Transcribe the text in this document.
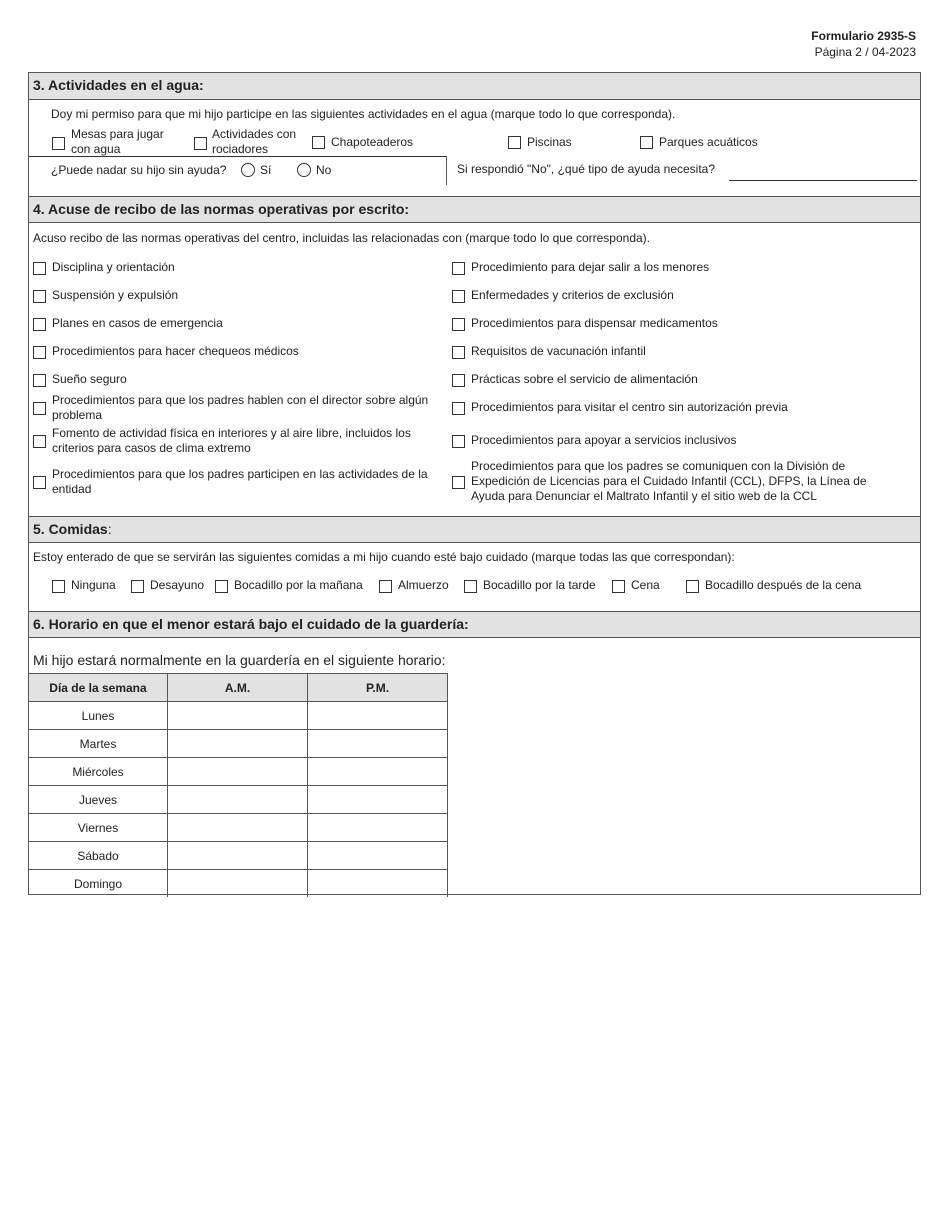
Formulario 2935-S
Página 2 / 04-2023
3. Actividades en el agua:
Doy mi permiso para que mi hijo participe en las siguientes actividades en el agua (marque todo lo que corresponda).
Mesas para jugar
con agua
Actividades con
rociadores	Chapoteaderos	Piscinas	Parques acuáticos
¿Puede nadar su hijo sin ayuda?	Sí	No	Si respondió "No", ¿qué tipo de ayuda necesita?
4. Acuse de recibo de las normas operativas por escrito:
Acuso recibo de las normas operativas del centro, incluidas las relacionadas con (marque todo lo que corresponda).
Disciplina y orientación
Suspensión y expulsión
Planes en casos de emergencia
Procedimientos para hacer chequeos médicos
Sueño seguro
Procedimientos para que los padres hablen con el director sobre algún
problema
Fomento de actividad física en interiores y al aire libre, incluidos los
criterios para casos de clima extremo
Procedimientos para que los padres participen en las actividades de la
entidad
Procedimiento para dejar salir a los menores
Enfermedades y criterios de exclusión
Procedimientos para dispensar medicamentos
Requisitos de vacunación infantil
Prácticas sobre el servicio de alimentación
Procedimientos para visitar el centro sin autorización previa
Procedimientos para apoyar a servicios inclusivos
Procedimientos para que los padres se comuniquen con la División de
Expedición de Licencias para el Cuidado Infantil (CCL), DFPS, la Línea de
Ayuda para Denunciar el Maltrato Infantil y el sitio web de la CCL
5. Comidas:
Estoy enterado de que se servirán las siguientes comidas a mi hijo cuando esté bajo cuidado (marque todas las que correspondan):
Ninguna	Desayuno Bocadillo por la mañana	Almuerzo	Bocadillo por la tarde	Cena	Bocadillo después de la cena
6. Horario en que el menor estará bajo el cuidado de la guardería:
Mi hijo estará normalmente en la guardería en el siguiente horario:
Día de la semana	A.M.	P.M.
Lunes		
Martes		
Miércoles		
Jueves		
Viernes		
Sábado		
Domingo		
